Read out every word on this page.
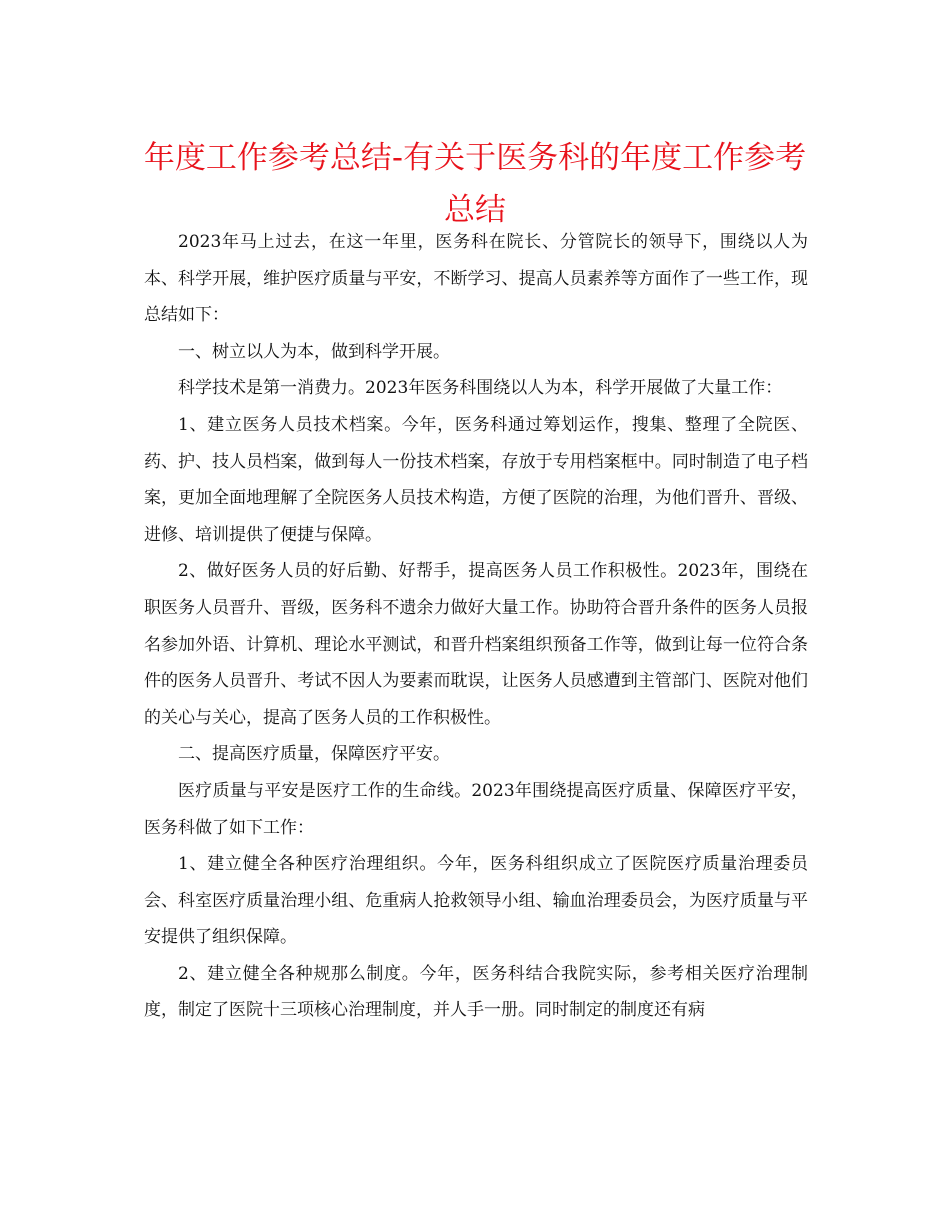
年度工作参考总结-有关于医务科的年度工作参考总结

2023年马上过去，在这一年里，医务科在院长、分管院长的领导下，围绕以人为本、科学开展，维护医疗质量与平安，不断学习、提高人员素养等方面作了一些工作，现总结如下：

一、树立以人为本，做到科学开展。

科学技术是第一消费力。2023年医务科围绕以人为本，科学开展做了大量工作：

1、建立医务人员技术档案。今年，医务科通过筹划运作，搜集、整理了全院医、药、护、技人员档案，做到每人一份技术档案，存放于专用档案框中。同时制造了电子档案，更加全面地理解了全院医务人员技术构造，方便了医院的治理，为他们晋升、晋级、进修、培训提供了便捷与保障。

2、做好医务人员的好后勤、好帮手，提高医务人员工作积极性。2023年，围绕在职医务人员晋升、晋级，医务科不遗余力做好大量工作。协助符合晋升条件的医务人员报名参加外语、计算机、理论水平测试，和晋升档案组织预备工作等，做到让每一位符合条件的医务人员晋升、考试不因人为要素而耽误，让医务人员感遭到主管部门、医院对他们的关心与关心，提高了医务人员的工作积极性。

二、提高医疗质量，保障医疗平安。

医疗质量与平安是医疗工作的生命线。2023年围绕提高医疗质量、保障医疗平安，医务科做了如下工作：

1、建立健全各种医疗治理组织。今年，医务科组织成立了医院医疗质量治理委员会、科室医疗质量治理小组、危重病人抢救领导小组、输血治理委员会，为医疗质量与平安提供了组织保障。

2、建立健全各种规那么制度。今年，医务科结合我院实际，参考相关医疗治理制度，制定了医院十三项核心治理制度，并人手一册。同时制定的制度还有病
